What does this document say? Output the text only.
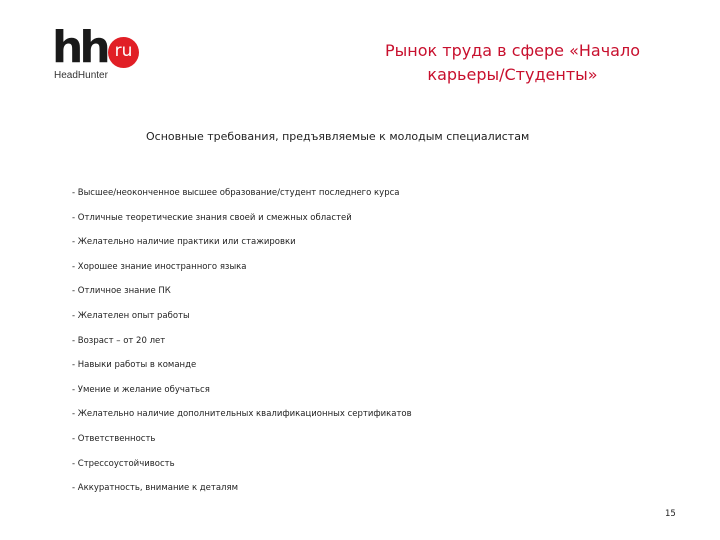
hh ru
HeadHunter
Рынок труда в сфере «Начало
карьеры/Студенты»
Основные требования, предъявляемые к молодым специалистам
- Высшее/неоконченное высшее образование/студент последнего курса
- Отличные теоретические знания своей и смежных областей
- Желательно наличие практики или стажировки
- Хорошее знание иностранного языка
- Отличное знание ПК
- Желателен опыт работы
- Возраст – от 20 лет
- Навыки работы в команде
- Умение и желание обучаться
- Желательно наличие дополнительных квалификационных сертификатов
- Ответственность
- Стрессоустойчивость
- Аккуратность, внимание к деталям
15
